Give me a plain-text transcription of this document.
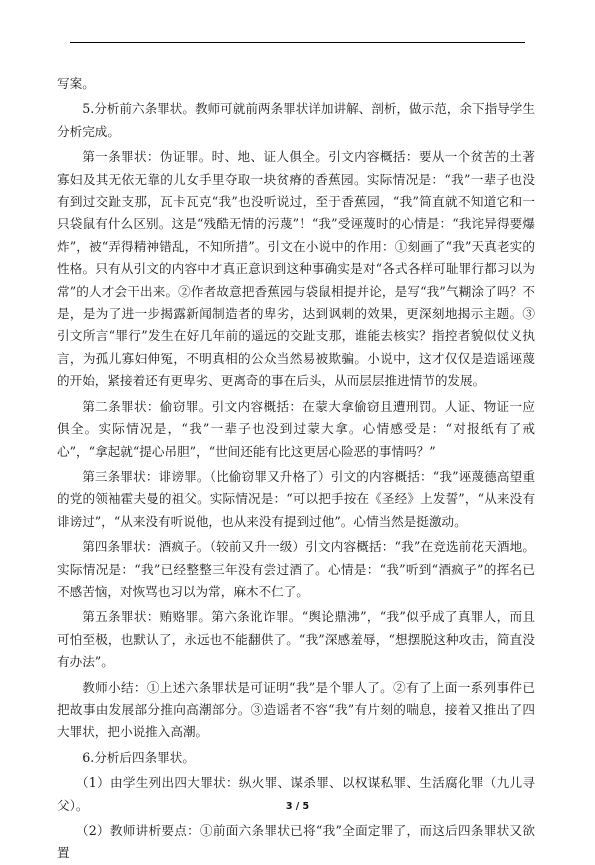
写案。

5.分析前六条罪状。教师可就前两条罪状详加讲解、剖析，做示范，余下指导学生分析完成。

第一条罪状：伪证罪。时、地、证人俱全。引文内容概括：要从一个贫苦的土著寡妇及其无依无靠的儿女手里夺取一块贫瘠的香蕉园。实际情况是：“我”一辈子也没有到过交趾支那，瓦卡瓦克“我”也没听说过，至于香蕉园，“我”简直就不知道它和一只袋鼠有什么区别。这是“残酷无情的污蔑”！“我”受诬蔑时的心情是：“我诧异得要爆炸”，被“弄得精神错乱，不知所措”。引文在小说中的作用：①刻画了“我”天真老实的性格。只有从引文的内容中才真正意识到这种事确实是对“各式各样可耻罪行都习以为常”的人才会干出来。②作者故意把香蕉园与袋鼠相提并论，是写“我”气糊涂了吗？不是，是为了进一步揭露新闻制造者的卑劣，达到讽刺的效果，更深刻地揭示主题。③引文所言“罪行”发生在好几年前的遥远的交趾支那，谁能去核实？指控者貌似仗义执言，为孤儿寡妇伸冤，不明真相的公众当然易被欺骗。小说中，这才仅仅是造谣诬蔑的开始，紧接着还有更卑劣、更离奇的事在后头，从而层层推进情节的发展。

第二条罪状：偷窃罪。引文内容概括：在蒙大拿偷窃且遭刑罚。人证、物证一应俱全。实际情况是，“我”一辈子也没到过蒙大拿。心情感受是：“对报纸有了戒心”，“拿起就“提心吊胆”，“世间还能有比这更居心险恶的事情吗？”

第三条罪状：诽谤罪。（比偷窃罪又升格了）引文的内容概括：“我”诬蔑德高望重的党的领袖霍夫曼的祖父。实际情况是：“可以把手按在《圣经》上发誓”，“从来没有诽谤过”，“从来没有听说他，也从来没有提到过他”。心情当然是挺激动。

第四条罪状：酒疯子。（较前又升一级）引文内容概括：“我”在竞选前花天酒地。实际情况是：“我”已经整整三年没有尝过酒了。心情是：“我”听到“酒疯子”的挥名已不感苦恼，对恢骂也习以为常，麻木不仁了。

第五条罪状：贿赂罪。第六条讹诈罪。“舆论鼎沸”，“我”似乎成了真罪人，而且可怕至极，也默认了，永远也不能翻供了。“我”深感羞辱，“想摆脱这种攻击，简直没有办法”。

教师小结：①上述六条罪状是可证明“我”是个罪人了。②有了上面一系列事件已把故事由发展部分推向高潮部分。③造谣者不容“我”有片刻的喘息，接着又推出了四大罪状，把小说推入高潮。

6.分析后四条罪状。

（1）由学生列出四大罪状：纵火罪、谋杀罪、以权谋私罪、生活腐化罪（九儿寻父）。

（2）教师讲析要点：①前面六条罪状已将“我”全面定罪了，而这后四条罪状又欲置

3 / 5
